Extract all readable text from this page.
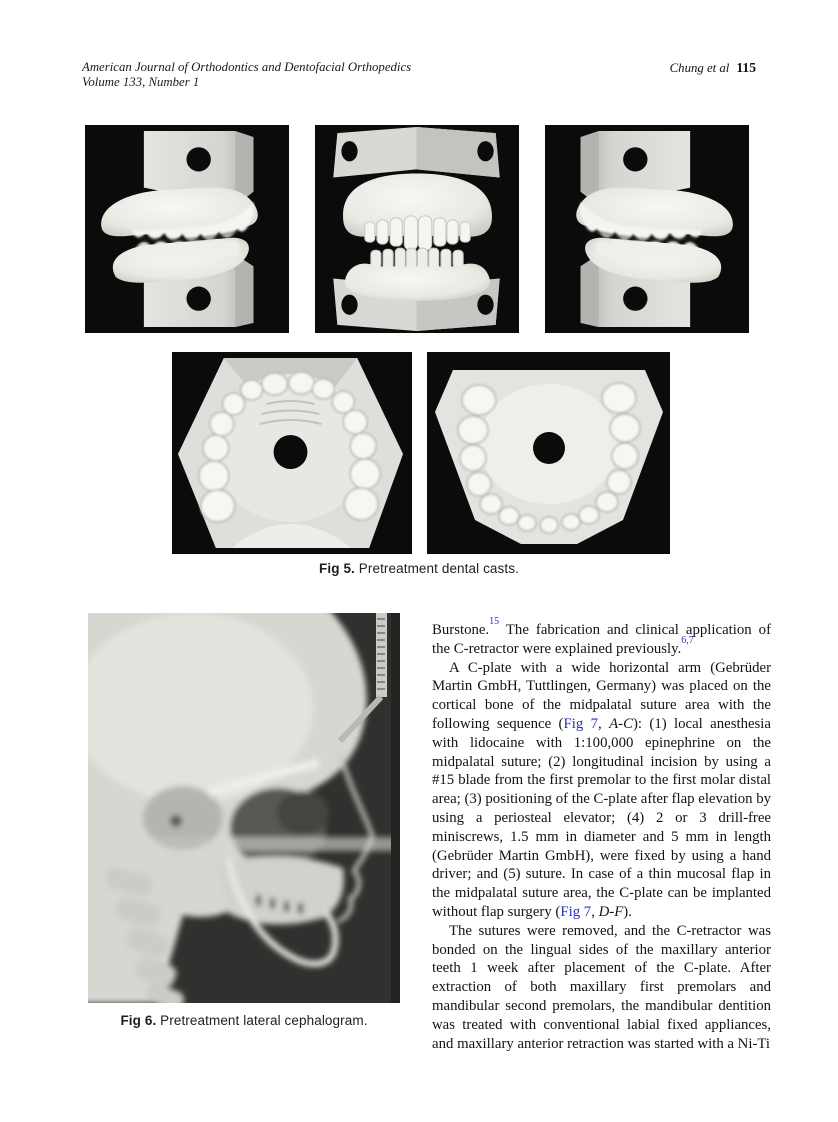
American Journal of Orthodontics and Dentofacial Orthopedics
Volume 133, Number 1
Chung et al 115
Fig 5. Pretreatment dental casts.
Fig 6. Pretreatment lateral cephalogram.

Burstone.$^{15}$ The fabrication and clinical application of the C-retractor were explained previously.$^{6,7}$

A C-plate with a wide horizontal arm (Gebrüder Martin GmbH, Tuttlingen, Germany) was placed on the cortical bone of the midpalatal suture area with the following sequence (Fig 7, A-C): (1) local anesthesia with lidocaine with 1:100,000 epinephrine on the midpalatal suture; (2) longitudinal incision by using a #15 blade from the first premolar to the first molar distal area; (3) positioning of the C-plate after flap elevation by using a periosteal elevator; (4) 2 or 3 drill-free miniscrews, 1.5 mm in diameter and 5 mm in length (Gebrüder Martin GmbH), were fixed by using a hand driver; and (5) suture. In case of a thin mucosal flap in the midpalatal suture area, the C-plate can be implanted without flap surgery (Fig 7, D-F).

The sutures were removed, and the C-retractor was bonded on the lingual sides of the maxillary anterior teeth 1 week after placement of the C-plate. After extraction of both maxillary first premolars and mandibular second premolars, the mandibular dentition was treated with conventional labial fixed appliances, and maxillary anterior retraction was started with a Ni-Ti
